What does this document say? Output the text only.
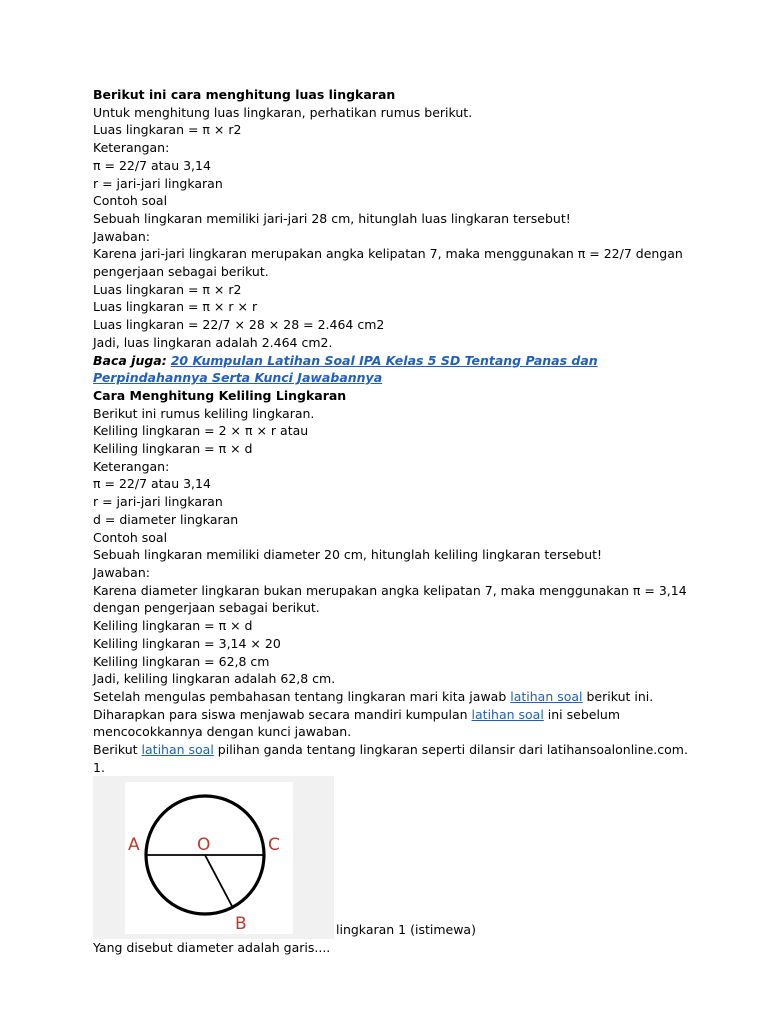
Berikut ini cara menghitung luas lingkaran
Untuk menghitung luas lingkaran, perhatikan rumus berikut.
Luas lingkaran = π × r2
Keterangan:
π = 22/7 atau 3,14
r = jari-jari lingkaran
Contoh soal
Sebuah lingkaran memiliki jari-jari 28 cm, hitunglah luas lingkaran tersebut!
Jawaban:
Karena jari-jari lingkaran merupakan angka kelipatan 7, maka menggunakan π = 22/7 dengan pengerjaan sebagai berikut.
Luas lingkaran = π × r2
Luas lingkaran = π × r × r
Luas lingkaran = 22/7 × 28 × 28 = 2.464 cm2
Jadi, luas lingkaran adalah 2.464 cm2.
Baca juga: 20 Kumpulan Latihan Soal IPA Kelas 5 SD Tentang Panas dan Perpindahannya Serta Kunci Jawabannya
Cara Menghitung Keliling Lingkaran
Berikut ini rumus keliling lingkaran.
Keliling lingkaran = 2 × π × r atau
Keliling lingkaran = π × d
Keterangan:
π = 22/7 atau 3,14
r = jari-jari lingkaran
d = diameter lingkaran
Contoh soal
Sebuah lingkaran memiliki diameter 20 cm, hitunglah keliling lingkaran tersebut!
Jawaban:
Karena diameter lingkaran bukan merupakan angka kelipatan 7, maka menggunakan π = 3,14 dengan pengerjaan sebagai berikut.
Keliling lingkaran = π × d
Keliling lingkaran = 3,14 × 20
Keliling lingkaran = 62,8 cm
Jadi, keliling lingkaran adalah 62,8 cm.
Setelah mengulas pembahasan tentang lingkaran mari kita jawab latihan soal berikut ini.
Diharapkan para siswa menjawab secara mandiri kumpulan latihan soal ini sebelum mencocokkannya dengan kunci jawaban.
Berikut latihan soal pilihan ganda tentang lingkaran seperti dilansir dari latihansoalonline.com.
1.
A	O	C
B	lingkaran 1 (istimewa)
Yang disebut diameter adalah garis....
